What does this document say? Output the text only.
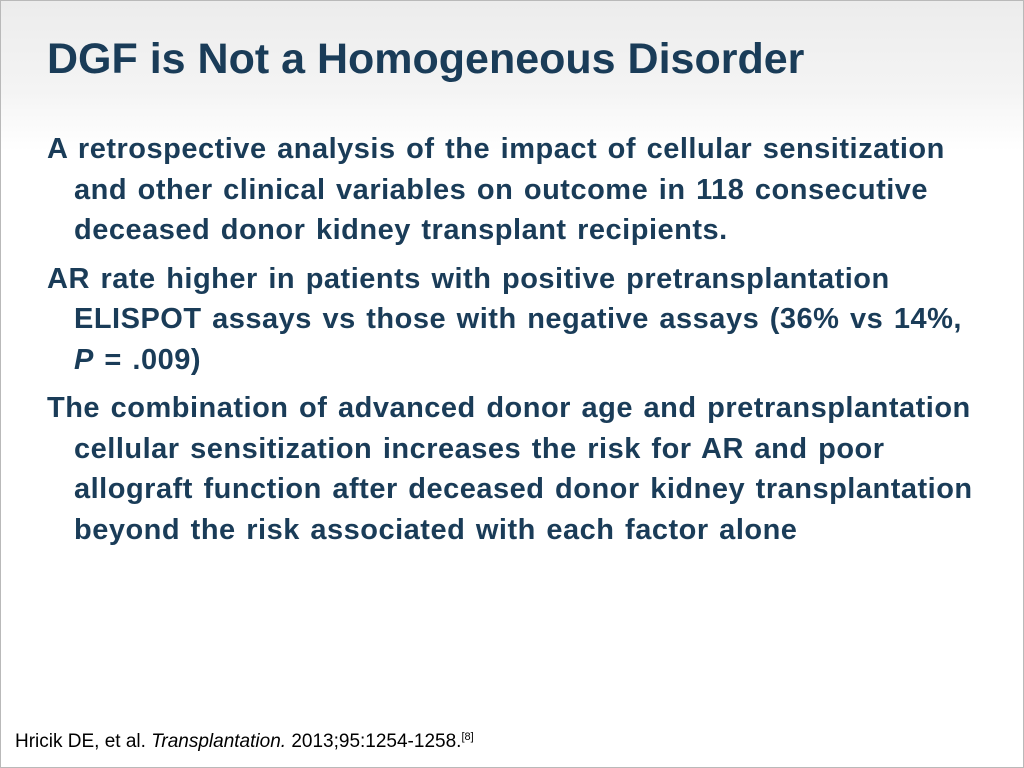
DGF is Not a Homogeneous Disorder
A retrospective analysis of the impact of cellular sensitization and other clinical variables on outcome in 118 consecutive deceased donor kidney transplant recipients.
AR rate higher in patients with positive pretransplantation ELISPOT assays vs those with negative assays (36% vs 14%, P = .009)
The combination of advanced donor age and pretransplantation cellular sensitization increases the risk for AR and poor allograft function after deceased donor kidney transplantation beyond the risk associated with each factor alone
Hricik DE, et al. Transplantation. 2013;95:1254-1258.[8]
